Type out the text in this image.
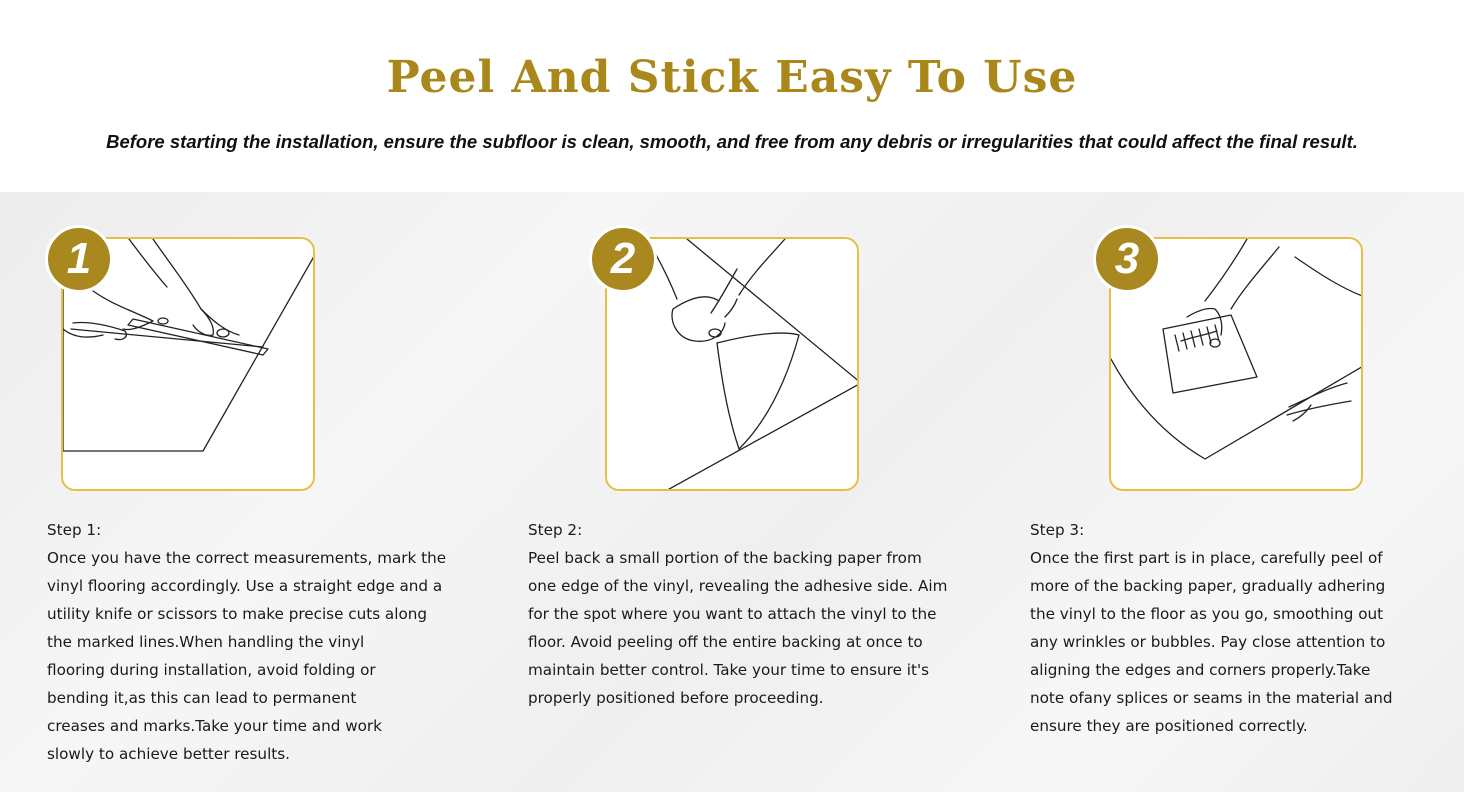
Peel And Stick Easy To Use

Before starting the installation, ensure the subfloor is clean, smooth, and free from any debris or irregularities that could affect the final result.

1	2	3
Step 1:
Once you have the correct measurements, mark the
vinyl flooring accordingly. Use a straight edge and a
utility knife or scissors to make precise cuts along
the marked lines.When handling the vinyl
flooring during installation, avoid folding or
bending it,as this can lead to permanent
creases and marks.Take your time and work
slowly to achieve better results.
Step 2:
Peel back a small portion of the backing paper from
one edge of the vinyl, revealing the adhesive side. Aim
for the spot where you want to attach the vinyl to the
floor. Avoid peeling off the entire backing at once to
maintain better control. Take your time to ensure it's
properly positioned before proceeding.
Step 3:
Once the first part is in place, carefully peel of
more of the backing paper, gradually adhering
the vinyl to the floor as you go, smoothing out
any wrinkles or bubbles. Pay close attention to
aligning the edges and corners properly.Take
note ofany splices or seams in the material and
ensure they are positioned correctly.
